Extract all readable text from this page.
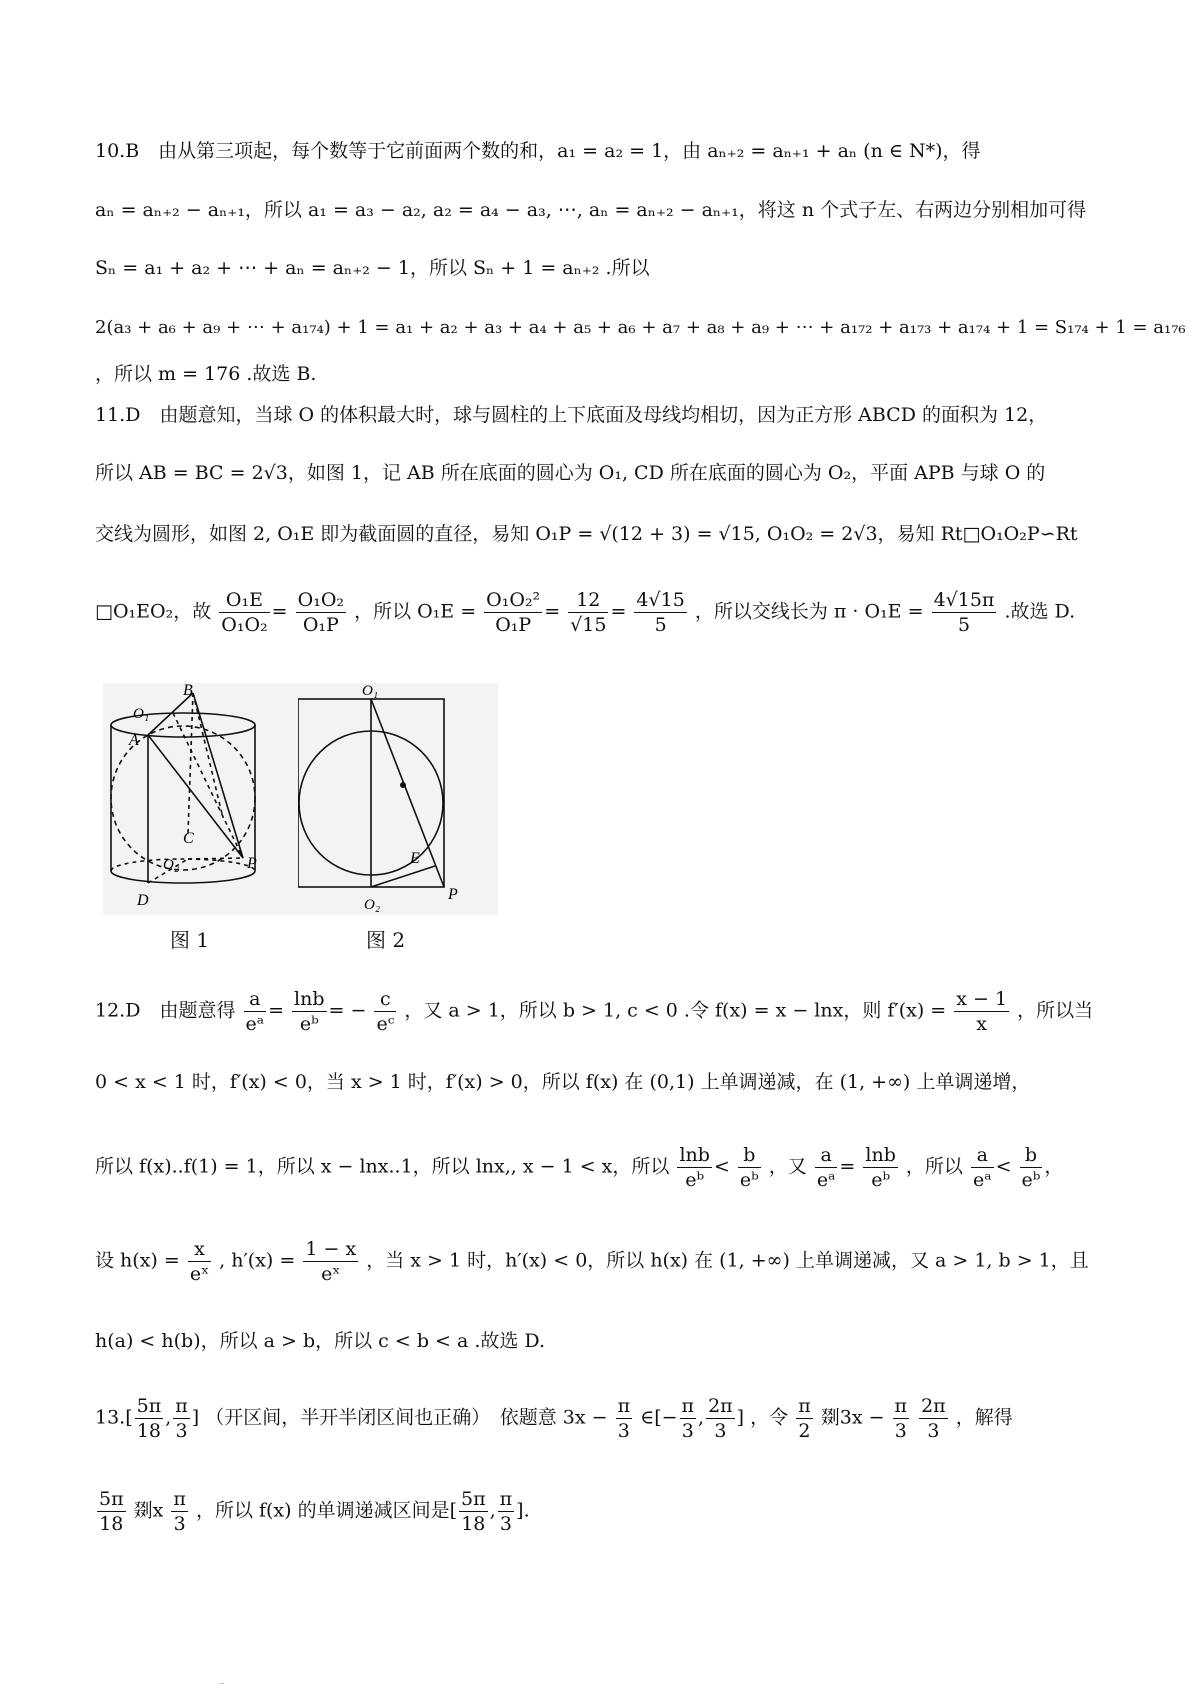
10.B　由从第三项起，每个数等于它前面两个数的和，a₁ = a₂ = 1，由 aₙ₊₂ = aₙ₊₁ + aₙ (n ∈ N*)，得
aₙ = aₙ₊₂ − aₙ₊₁，所以 a₁ = a₃ − a₂, a₂ = a₄ − a₃, ⋯, aₙ = aₙ₊₂ − aₙ₊₁，将这 n 个式子左、右两边分别相加可得
Sₙ = a₁ + a₂ + ⋯ + aₙ = aₙ₊₂ − 1，所以 Sₙ + 1 = aₙ₊₂ .所以
2(a₃ + a₆ + a₉ + ⋯ + a₁₇₄) + 1 = a₁ + a₂ + a₃ + a₄ + a₅ + a₆ + a₇ + a₈ + a₉ + ⋯ + a₁₇₂ + a₁₇₃ + a₁₇₄ + 1 = S₁₇₄ + 1 = a₁₇₆
，所以 m = 176 .故选 B.
11.D　由题意知，当球 O 的体积最大时，球与圆柱的上下底面及母线均相切，因为正方形 ABCD 的面积为 12，
所以 AB = BC = 2√3，如图 1，记 AB 所在底面的圆心为 O₁, CD 所在底面的圆心为 O₂，平面 APB 与球 O 的
交线为圆形，如图 2, O₁E 即为截面圆的直径，易知 O₁P = √(12 + 3) = √15, O₁O₂ = 2√3，易知 Rt□O₁O₂P∽Rt
□O₁EO₂，故 $\frac{\text{O₁E}}{\text{O₁O₂}} = \frac{\text{O₁O₂}}{\text{O₁P}}$ ，所以 $O_1E = \frac{\text{O₁O₂²}}{\text{O₁P}} = \frac{12}{√15} = \frac{4√15}{5}$ ，所以交线长为 $\pi \cdot O_1E = \frac{4√15\pi}{5}$ .故选 D.
B
O₁
A
C
O₂
D
P
O₁
E
O₂
P
图 1	图 2
12.D　由题意得 $\frac{a}{\text{eᵃ}} = \frac{\ln b}{\text{eᵇ}}$ = − $\frac{c}{\text{eᶜ}}$ ，又 a > 1，所以 b > 1, c < 0 .令 f(x) = x − lnx，则 $f'(x) = \frac{x - 1}{x}$ ，所以当
0 < x < 1 时，f′(x) < 0，当 x > 1 时，f′(x) > 0，所以 f(x) 在 (0,1) 上单调递减，在 (1, +∞) 上单调递增，
所以 f(x)..f(1) = 1，所以 x − lnx..1，所以 lnx,, x − 1 < x，所以 $\frac{\ln b}{\text{eᵇ}} < \frac{b}{\text{eᵇ}}$ ，又 $\frac{a}{\text{eᵃ}} = \frac{\ln b}{\text{eᵇ}}$ ，所以 $\frac{a}{\text{eᵃ}} < \frac{b}{\text{eᵇ}}$ ，
设 $h(x) = \frac{x}{\text{eˣ}}$ , $h'(x) = \frac{1 - x}{\text{eˣ}}$ ，当 x > 1 时，h′(x) < 0，所以 h(x) 在 (1, +∞) 上单调递减，又 a > 1, b > 1，且
h(a) < h(b)，所以 a > b，所以 c < b < a .故选 D.
$13.[ \frac{5\pi}{18}$ , $\frac{\pi}{3}$ ] （开区间，半开半闭区间也正确）　依题意 $3x - \frac{\pi}{3}$ ∈[− $\frac{\pi}{3}$ , $\frac{2\pi}{3}$ ] ，令 $\frac{\pi}{2}$ 剟$3x - \frac{\pi}{3}$
$\frac{2\pi}{3}$ ，解得
$\frac{5\pi}{18}$ 剟x $\frac{\pi}{3}$ ，所以 f(x) 的单调递减区间是[ $\frac{5\pi}{18}$ , $\frac{\pi}{3}$ ].
